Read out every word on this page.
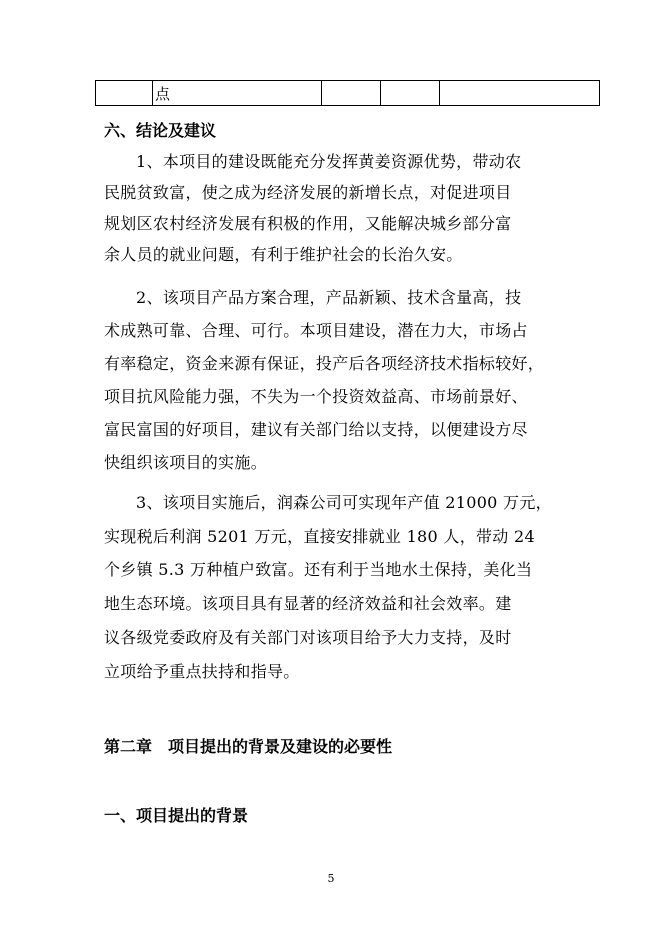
	点			
六、结论及建议
1、本项目的建设既能充分发挥黄姜资源优势，带动农
民脱贫致富，使之成为经济发展的新增长点，对促进项目
规划区农村经济发展有积极的作用，又能解决城乡部分富
余人员的就业问题，有利于维护社会的长治久安。
2、该项目产品方案合理，产品新颖、技术含量高，技
术成熟可靠、合理、可行。本项目建设，潜在力大，市场占
有率稳定，资金来源有保证，投产后各项经济技术指标较好，
项目抗风险能力强，不失为一个投资效益高、市场前景好、
富民富国的好项目，建议有关部门给以支持，以便建设方尽
快组织该项目的实施。
3、该项目实施后，润森公司可实现年产值 21000 万元，
实现税后利润 5201 万元，直接安排就业 180 人，带动 24
个乡镇 5.3 万种植户致富。还有利于当地水土保持，美化当
地生态环境。该项目具有显著的经济效益和社会效率。建
议各级党委政府及有关部门对该项目给予大力支持，及时
立项给予重点扶持和指导。
第二章　项目提出的背景及建设的必要性
一、项目提出的背景
5
